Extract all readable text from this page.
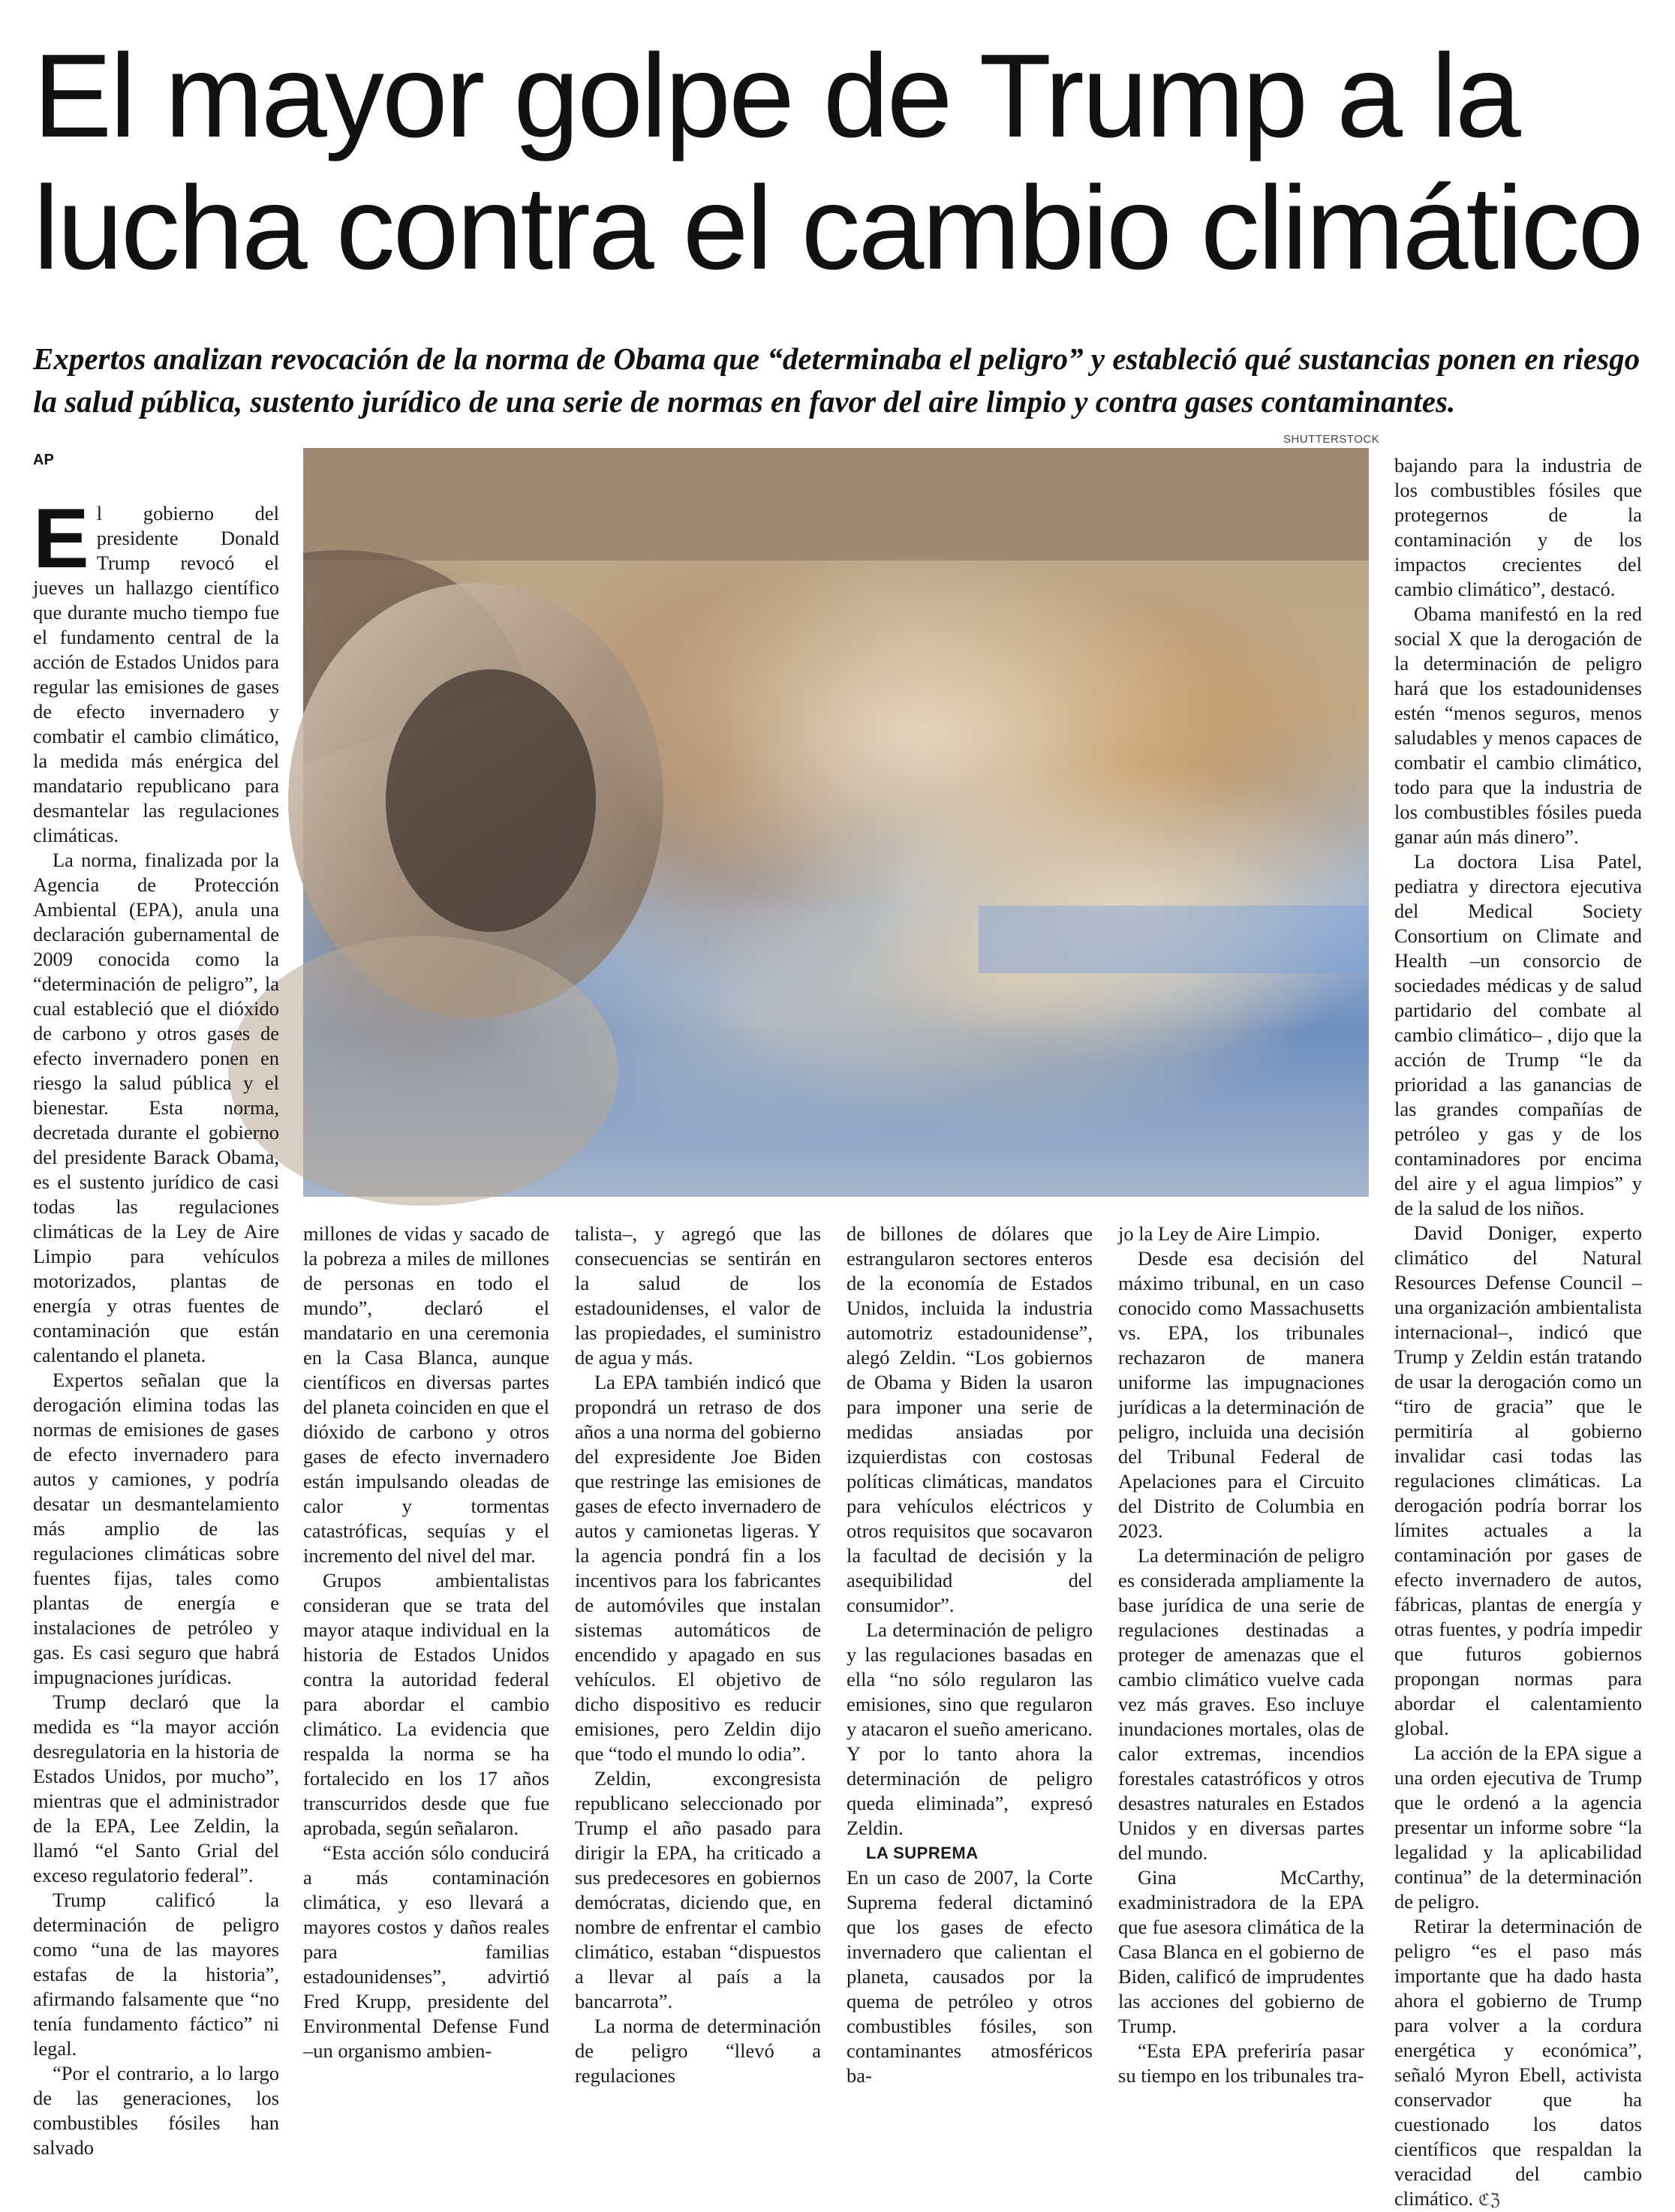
El mayor golpe de Trump a la lucha contra el cambio climático

Expertos analizan revocación de la norma de Obama que “determinaba el peligro” y estableció qué sustancias ponen en riesgo la salud pública, sustento jurídico de una serie de normas en favor del aire limpio y contra gases contaminantes.

AP
SHUTTERSTOCK

El gobierno del presidente Donald Trump revocó el jueves un hallazgo científico que durante mucho tiempo fue el fundamento central de la acción de Estados Unidos para regular las emisiones de gases de efecto invernadero y combatir el cambio climático, la medida más enérgica del mandatario republicano para desmantelar las regulaciones climáticas.

La norma, finalizada por la Agencia de Protección Ambiental (EPA), anula una declaración gubernamental de 2009 conocida como la “determinación de peligro”, la cual estableció que el dióxido de carbono y otros gases de efecto invernadero ponen en riesgo la salud pública y el bienestar. Esta norma, decretada durante el gobierno del presidente Barack Obama, es el sustento jurídico de casi todas las regulaciones climáticas de la Ley de Aire Limpio para vehículos motorizados, plantas de energía y otras fuentes de contaminación que están calentando el planeta.

Expertos señalan que la derogación elimina todas las normas de emisiones de gases de efecto invernadero para autos y camiones, y podría desatar un desmantelamiento más amplio de las regulaciones climáticas sobre fuentes fijas, tales como plantas de energía e instalaciones de petróleo y gas. Es casi seguro que habrá impugnaciones jurídicas.

Trump declaró que la medida es “la mayor acción desregulatoria en la historia de Estados Unidos, por mucho”, mientras que el administrador de la EPA, Lee Zeldin, la llamó “el Santo Grial del exceso regulatorio federal”.

Trump calificó la determinación de peligro como “una de las mayores estafas de la historia”, afirmando falsamente que “no tenía fundamento fáctico” ni legal.

“Por el contrario, a lo largo de las generaciones, los combustibles fósiles han salvado

millones de vidas y sacado de la pobreza a miles de millones de personas en todo el mundo”, declaró el mandatario en una ceremonia en la Casa Blanca, aunque científicos en diversas partes del planeta coinciden en que el dióxido de carbono y otros gases de efecto invernadero están impulsando oleadas de calor y tormentas catastróficas, sequías y el incremento del nivel del mar.

Grupos ambientalistas consideran que se trata del mayor ataque individual en la historia de Estados Unidos contra la autoridad federal para abordar el cambio climático. La evidencia que respalda la norma se ha fortalecido en los 17 años transcurridos desde que fue aprobada, según señalaron.

“Esta acción sólo conducirá a más contaminación climática, y eso llevará a mayores costos y daños reales para familias estadounidenses”, advirtió Fred Krupp, presidente del Environmental Defense Fund –un organismo ambien-

talista–, y agregó que las consecuencias se sentirán en la salud de los estadounidenses, el valor de las propiedades, el suministro de agua y más.

La EPA también indicó que propondrá un retraso de dos años a una norma del gobierno del expresidente Joe Biden que restringe las emisiones de gases de efecto invernadero de autos y camionetas ligeras. Y la agencia pondrá fin a los incentivos para los fabricantes de automóviles que instalan sistemas automáticos de encendido y apagado en sus vehículos. El objetivo de dicho dispositivo es reducir emisiones, pero Zeldin dijo que “todo el mundo lo odia”.

Zeldin, excongresista republicano seleccionado por Trump el año pasado para dirigir la EPA, ha criticado a sus predecesores en gobiernos demócratas, diciendo que, en nombre de enfrentar el cambio climático, estaban “dispuestos a llevar al país a la bancarrota”.

La norma de determinación de peligro “llevó a regulaciones

de billones de dólares que estrangularon sectores enteros de la economía de Estados Unidos, incluida la industria automotriz estadounidense”, alegó Zeldin. “Los gobiernos de Obama y Biden la usaron para imponer una serie de medidas ansiadas por izquierdistas con costosas políticas climáticas, mandatos para vehículos eléctricos y otros requisitos que socavaron la facultad de decisión y la asequibilidad del consumidor”.

La determinación de peligro y las regulaciones basadas en ella “no sólo regularon las emisiones, sino que regularon y atacaron el sueño americano. Y por lo tanto ahora la determinación de peligro queda eliminada”, expresó Zeldin.

LA SUPREMA

En un caso de 2007, la Corte Suprema federal dictaminó que los gases de efecto invernadero que calientan el planeta, causados por la quema de petróleo y otros combustibles fósiles, son contaminantes atmosféricos ba-

jo la Ley de Aire Limpio.

Desde esa decisión del máximo tribunal, en un caso conocido como Massachusetts vs. EPA, los tribunales rechazaron de manera uniforme las impugnaciones jurídicas a la determinación de peligro, incluida una decisión del Tribunal Federal de Apelaciones para el Circuito del Distrito de Columbia en 2023.

La determinación de peligro es considerada ampliamente la base jurídica de una serie de regulaciones destinadas a proteger de amenazas que el cambio climático vuelve cada vez más graves. Eso incluye inundaciones mortales, olas de calor extremas, incendios forestales catastróficos y otros desastres naturales en Estados Unidos y en diversas partes del mundo.

Gina McCarthy, exadministradora de la EPA que fue asesora climática de la Casa Blanca en el gobierno de Biden, calificó de imprudentes las acciones del gobierno de Trump.

“Esta EPA preferiría pasar su tiempo en los tribunales tra-

bajando para la industria de los combustibles fósiles que protegernos de la contaminación y de los impactos crecientes del cambio climático”, destacó.

Obama manifestó en la red social X que la derogación de la determinación de peligro hará que los estadounidenses estén “menos seguros, menos saludables y menos capaces de combatir el cambio climático, todo para que la industria de los combustibles fósiles pueda ganar aún más dinero”.

La doctora Lisa Patel, pediatra y directora ejecutiva del Medical Society Consortium on Climate and Health –un consorcio de sociedades médicas y de salud partidario del combate al cambio climático– , dijo que la acción de Trump “le da prioridad a las ganancias de las grandes compañías de petróleo y gas y de los contaminadores por encima del aire y el agua limpios” y de la salud de los niños.

David Doniger, experto climático del Natural Resources Defense Council –una organización ambientalista internacional–, indicó que Trump y Zeldin están tratando de usar la derogación como un “tiro de gracia” que le permitiría al gobierno invalidar casi todas las regulaciones climáticas. La derogación podría borrar los límites actuales a la contaminación por gases de efecto invernadero de autos, fábricas, plantas de energía y otras fuentes, y podría impedir que futuros gobiernos propongan normas para abordar el calentamiento global.

La acción de la EPA sigue a una orden ejecutiva de Trump que le ordenó a la agencia presentar un informe sobre “la legalidad y la aplicabilidad continua” de la determinación de peligro.

Retirar la determinación de peligro “es el paso más importante que ha dado hasta ahora el gobierno de Trump para volver a la cordura energética y económica”, señaló Myron Ebell, activista conservador que ha cuestionado los datos científicos que respaldan la veracidad del cambio climático. ℭℨ
